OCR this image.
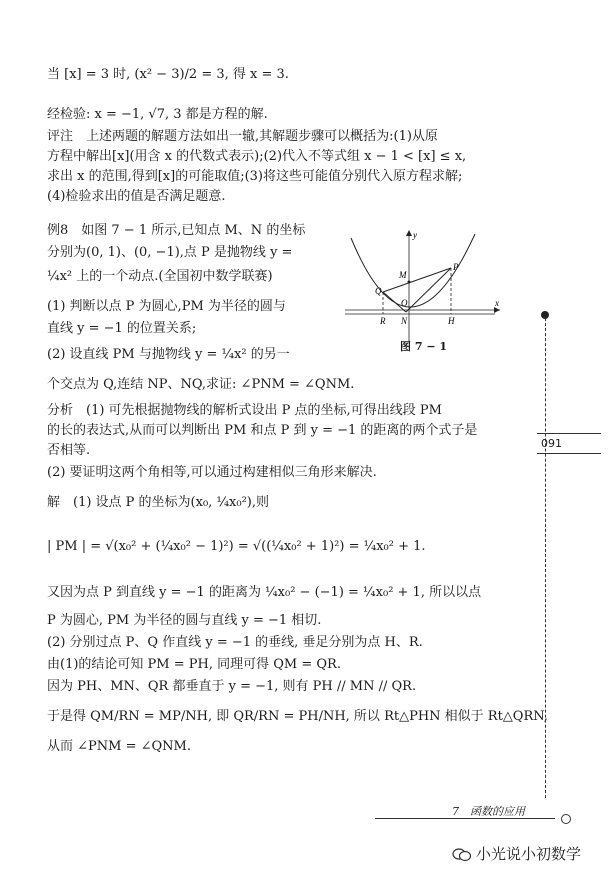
当 [x] = 3 时, (x² − 3)/2 = 3, 得 x = 3.
经检验: x = −1, √7, 3 都是方程的解.
评注　上述两题的解题方法如出一辙,其解题步骤可以概括为:(1)从原
方程中解出[x](用含 x 的代数式表示);(2)代入不等式组 x − 1 < [x] ≤ x,
求出 x 的范围,得到[x]的可能取值;(3)将这些可能值分别代入原方程求解;
(4)检验求出的值是否满足题意.
例8　如图 7 − 1 所示,已知点 M、N 的坐标
分别为(0, 1)、(0, −1),点 P 是抛物线 y =
¼x² 上的一个动点.(全国初中数学联赛)
(1) 判断以点 P 为圆心,PM 为半径的圆与
直线 y = −1 的位置关系;
(2) 设直线 PM 与抛物线 y = ¼x² 的另一
个交点为 Q,连结 NP、NQ,求证: ∠PNM = ∠QNM.
分析　(1) 可先根据抛物线的解析式设出 P 点的坐标,可得出线段 PM
的长的表达式,从而可以判断出 PM 和点 P 到 y = −1 的距离的两个式子是
否相等.
(2) 要证明这两个角相等,可以通过构建相似三角形来解决.
解　(1) 设点 P 的坐标为(x₀, ¼x₀²),则
| PM | = √(x₀² + (¼x₀² − 1)²) = √((¼x₀² + 1)²) = ¼x₀² + 1.
又因为点 P 到直线 y = −1 的距离为 ¼x₀² − (−1) = ¼x₀² + 1, 所以以点
P 为圆心, PM 为半径的圆与直线 y = −1 相切.
(2) 分别过点 P、Q 作直线 y = −1 的垂线, 垂足分别为点 H、R.
由(1)的结论可知 PM = PH, 同理可得 QM = QR.
因为 PH、MN、QR 都垂直于 y = −1, 则有 PH // MN // QR.
于是得 QM/RN = MP/NH, 即 QR/RN = PH/NH, 所以 Rt△PHN 相似于 Rt△QRN,
从而 ∠PNM = ∠QNM.
y
x
M
P
Q
O
R N	H
图 7 − 1
091
7　函数的应用
小光说小初数学
